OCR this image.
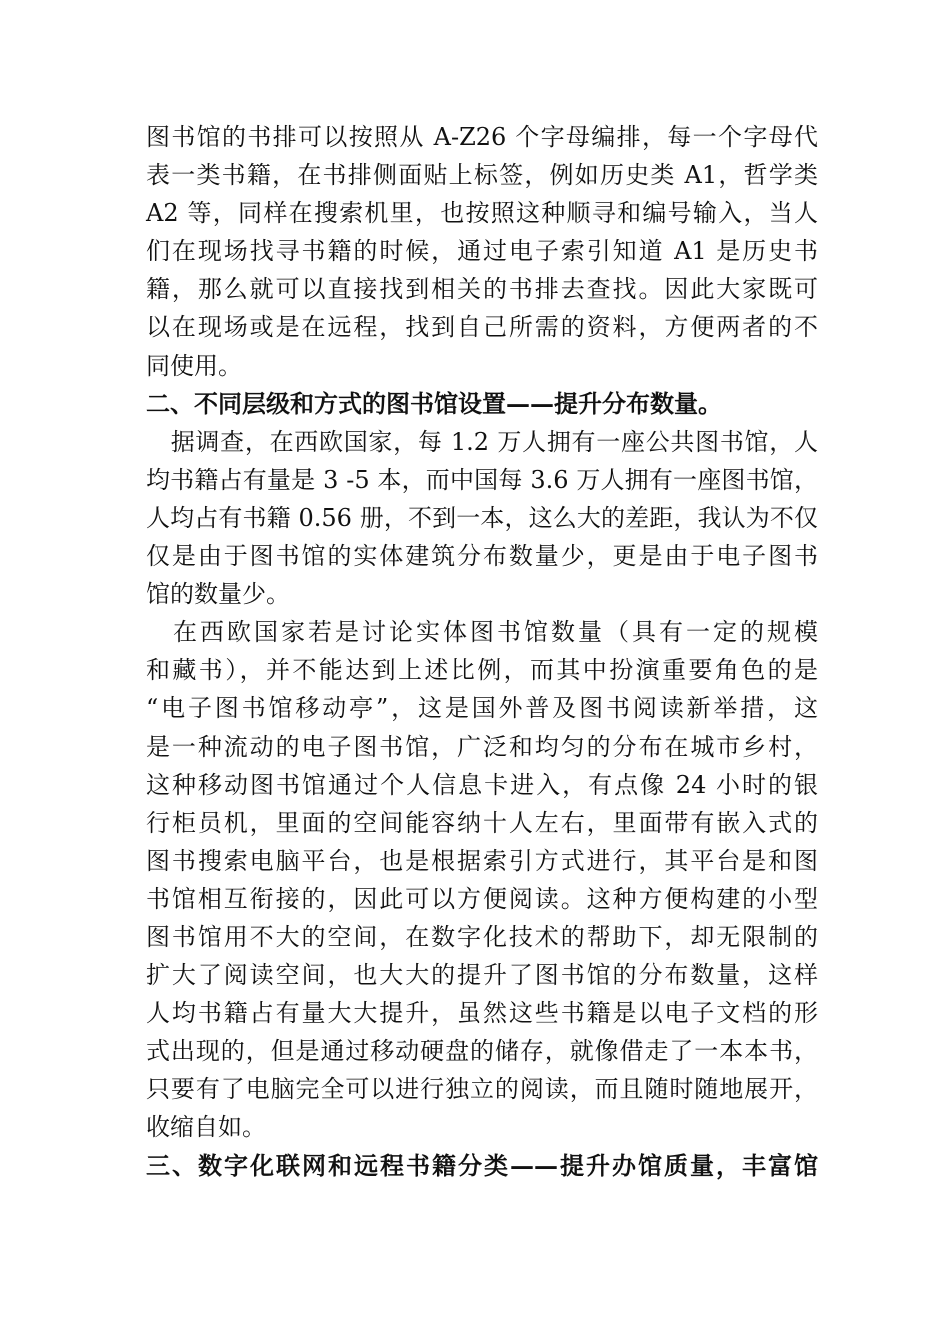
图书馆的书排可以按照从 A-Z26 个字母编排，每一个字母代
表一类书籍，在书排侧面贴上标签，例如历史类 A1，哲学类
A2 等，同样在搜索机里，也按照这种顺寻和编号输入，当人
们在现场找寻书籍的时候，通过电子索引知道 A1 是历史书
籍，那么就可以直接找到相关的书排去查找。因此大家既可
以在现场或是在远程，找到自己所需的资料，方便两者的不
同使用。
二、不同层级和方式的图书馆设置——提升分布数量。
　据调查，在西欧国家，每 1.2 万人拥有一座公共图书馆，人
均书籍占有量是 3 -5 本，而中国每 3.6 万人拥有一座图书馆，
人均占有书籍 0.56 册，不到一本，这么大的差距，我认为不仅
仅是由于图书馆的实体建筑分布数量少，更是由于电子图书
馆的数量少。
　在西欧国家若是讨论实体图书馆数量（具有一定的规模
和藏书），并不能达到上述比例，而其中扮演重要角色的是
“电子图书馆移动亭”，这是国外普及图书阅读新举措，这
是一种流动的电子图书馆，广泛和均匀的分布在城市乡村，
这种移动图书馆通过个人信息卡进入，有点像 24 小时的银
行柜员机，里面的空间能容纳十人左右，里面带有嵌入式的
图书搜索电脑平台，也是根据索引方式进行，其平台是和图
书馆相互衔接的，因此可以方便阅读。这种方便构建的小型
图书馆用不大的空间，在数字化技术的帮助下，却无限制的
扩大了阅读空间，也大大的提升了图书馆的分布数量，这样
人均书籍占有量大大提升，虽然这些书籍是以电子文档的形
式出现的，但是通过移动硬盘的储存，就像借走了一本本书，
只要有了电脑完全可以进行独立的阅读，而且随时随地展开，
收缩自如。
三、数字化联网和远程书籍分类——提升办馆质量，丰富馆
